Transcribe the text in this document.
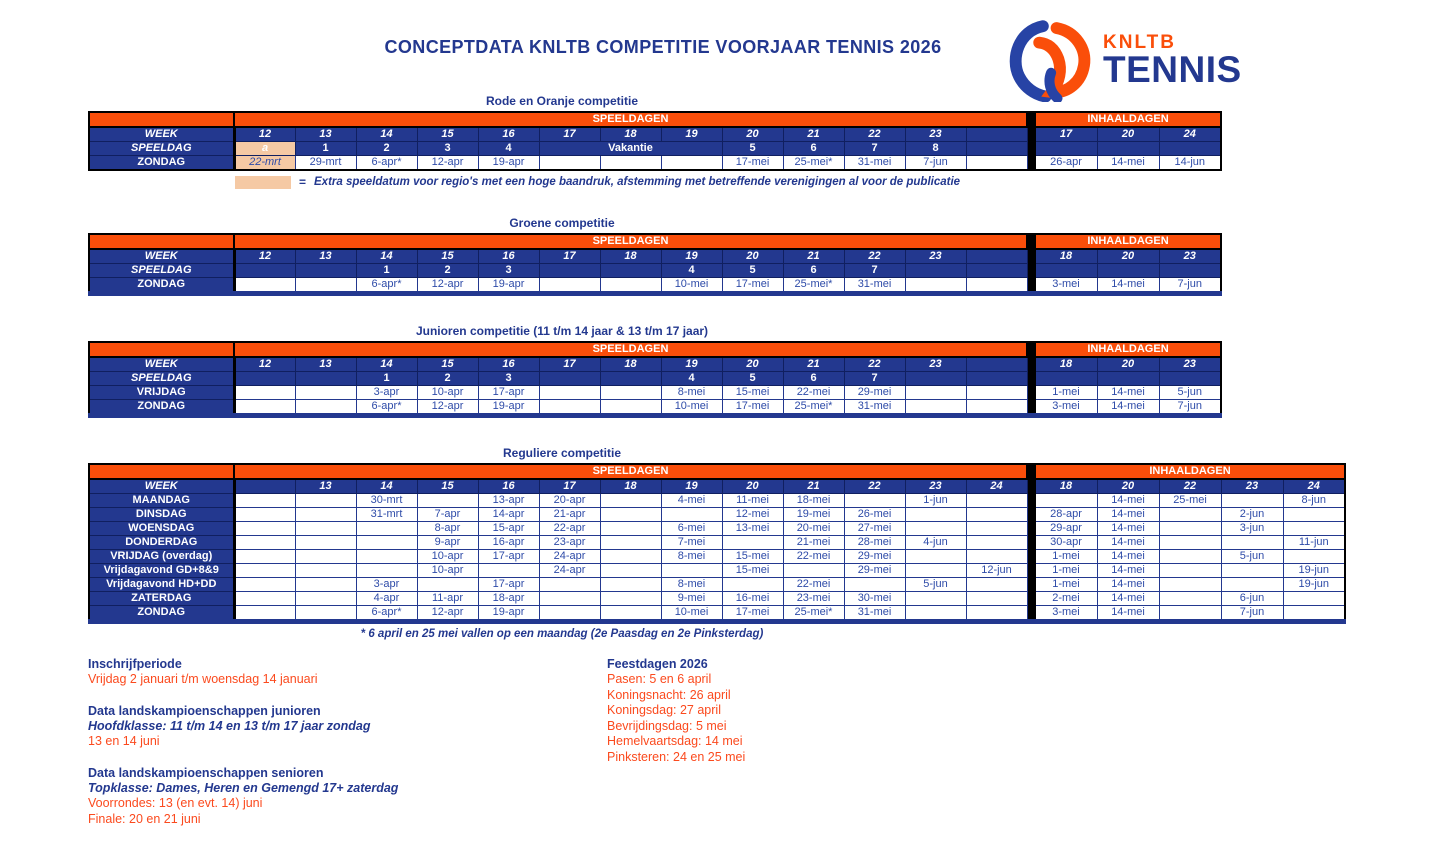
CONCEPTDATA KNLTB COMPETITIE VOORJAAR TENNIS 2026	KNLTB
TENNIS
Rode en Oranje competitie
	SPEELDAGEN														INHAALDAGEN		
WEEK	12	13	14	15	16	17	18	19	20	21	22	23			17	20	24
SPEELDAG	a	1	2	3	4	Vakantie			5	6	7	8					
ZONDAG	22-mrt	29-mrt	6-apr*	12-apr	19-apr				17-mei	25-mei*	31-mei	7-jun			26-apr	14-mei	14-jun
= Extra speeldatum voor regio's met een hoge baandruk, afstemming met betreffende verenigingen al voor de publicatie
Groene competitie
	SPEELDAGEN														INHAALDAGEN		
WEEK	12	13	14	15	16	17	18	19	20	21	22	23			18	20	23
SPEELDAG			1	2	3			4	5	6	7						
ZONDAG			6-apr*	12-apr	19-apr			10-mei	17-mei	25-mei*	31-mei				3-mei	14-mei	7-jun
Junioren competitie (11 t/m 14 jaar & 13 t/m 17 jaar)
	SPEELDAGEN														INHAALDAGEN		
WEEK	12	13	14	15	16	17	18	19	20	21	22	23			18	20	23
SPEELDAG			1	2	3			4	5	6	7						
VRIJDAG			3-apr	10-apr	17-apr			8-mei	15-mei	22-mei	29-mei				1-mei	14-mei	5-jun
ZONDAG			6-apr*	12-apr	19-apr			10-mei	17-mei	25-mei*	31-mei				3-mei	14-mei	7-jun
Reguliere competitie
	SPEELDAGEN														INHAALDAGEN				
WEEK		13	14	15	16	17	18	19	20	21	22	23	24		18	20	22	23	24
MAANDAG			30-mrt		13-apr	20-apr		4-mei	11-mei	18-mei		1-jun				14-mei	25-mei		8-jun
DINSDAG			31-mrt	7-apr	14-apr	21-apr			12-mei	19-mei	26-mei				28-apr	14-mei		2-jun	
WOENSDAG				8-apr	15-apr	22-apr		6-mei	13-mei	20-mei	27-mei				29-apr	14-mei		3-jun	
DONDERDAG				9-apr	16-apr	23-apr		7-mei		21-mei	28-mei	4-jun			30-apr	14-mei			11-jun
VRIJDAG (overdag)				10-apr	17-apr	24-apr		8-mei	15-mei	22-mei	29-mei				1-mei	14-mei		5-jun	
Vrijdagavond GD+8&9				10-apr		24-apr			15-mei		29-mei		12-jun		1-mei	14-mei			19-jun
Vrijdagavond HD+DD			3-apr		17-apr			8-mei		22-mei		5-jun			1-mei	14-mei			19-jun
ZATERDAG			4-apr	11-apr	18-apr			9-mei	16-mei	23-mei	30-mei				2-mei	14-mei		6-jun	
ZONDAG			6-apr*	12-apr	19-apr			10-mei	17-mei	25-mei*	31-mei				3-mei	14-mei		7-jun	
* 6 april en 25 mei vallen op een maandag (2e Paasdag en 2e Pinksterdag)
Inschrijfperiode
Vrijdag 2 januari t/m woensdag 14 januari
Data landskampioenschappen junioren
Hoofdklasse: 11 t/m 14 en 13 t/m 17 jaar zondag
13 en 14 juni
Data landskampioenschappen senioren
Topklasse: Dames, Heren en Gemengd 17+ zaterdag
Voorrondes: 13 (en evt. 14) juni
Finale: 20 en 21 juni
Feestdagen 2026
Pasen: 5 en 6 april
Koningsnacht: 26 april
Koningsdag: 27 april
Bevrijdingsdag: 5 mei
Hemelvaartsdag: 14 mei
Pinksteren: 24 en 25 mei
